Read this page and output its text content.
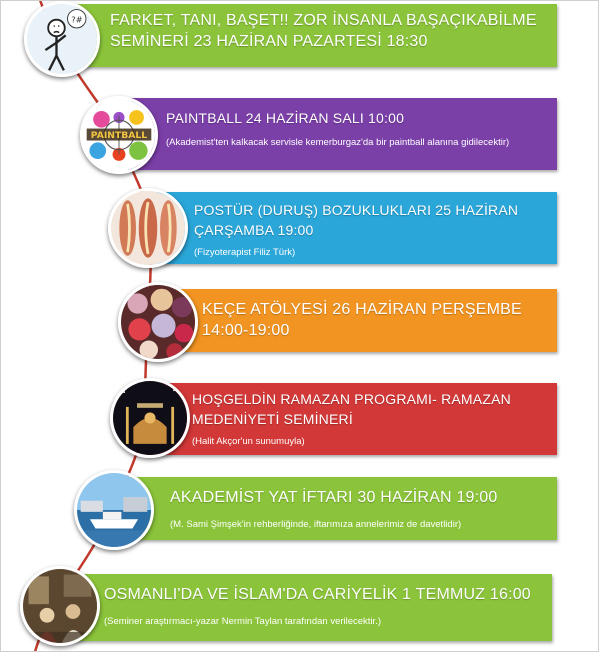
FARKET, TANI, BAŞET!! ZOR İNSANLA BAŞAÇIKABİLME SEMİNERİ 23 HAZİRAN PAZARTESİ 18:30
?#
PAINTBALL 24 HAZİRAN SALI 10:00
(Akademist'ten kalkacak servisle kemerburgaz'da bir paintball alanına gidilecektir)
PAINTBALL
POSTÜR (DURUŞ) BOZUKLUKLARI 25 HAZİRAN ÇARŞAMBA 19:00
(Fizyoterapist Filiz Türk)
KEÇE ATÖLYESİ 26 HAZİRAN PERŞEMBE 14:00-19:00
HOŞGELDİN RAMAZAN PROGRAMI- RAMAZAN MEDENİYETİ SEMİNERİ
(Halit Akçor'un sunumuyla)
AKADEMİST YAT İFTARI 30 HAZİRAN 19:00
(M. Sami Şimşek'in rehberliğinde, iftarımıza annelerimiz de davetlidir)
OSMANLI'DA VE İSLAM'DA CARİYELİK 1 TEMMUZ 16:00
(Seminer araştırmacı-yazar Nermin Taylan tarafından verilecektir.)
